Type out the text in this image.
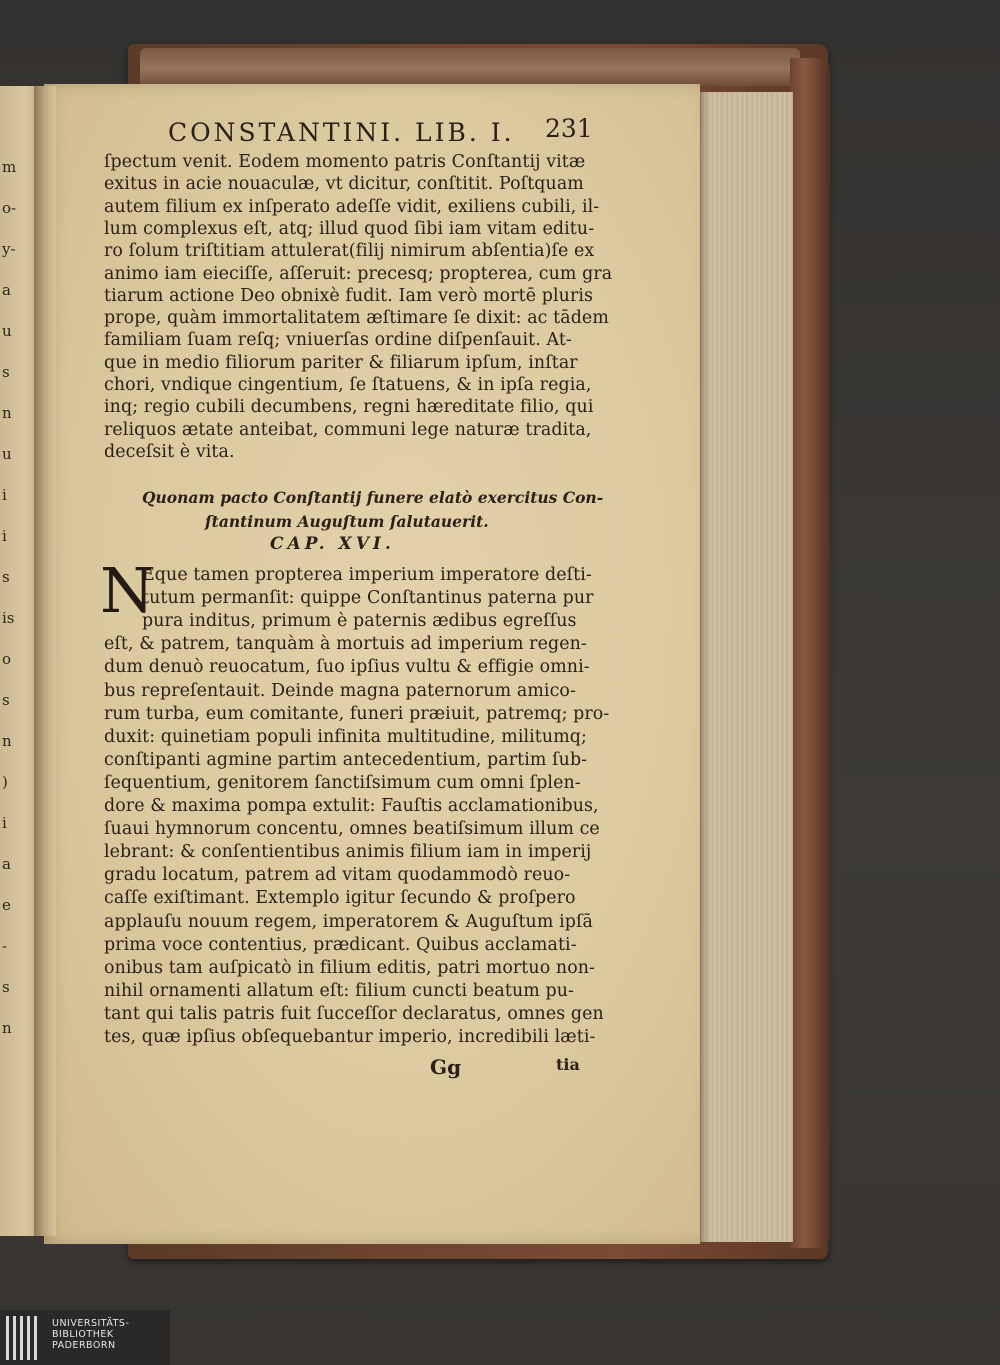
m
o-
y-
a
u
s
n
u
i
i
s
is
o
s
n
)
i
a
e
-
s
n
CONSTANTINI. LIB. I. 231
ſpectum venit. Eodem momento patris Conſtantij vitæ
exitus in acie nouaculæ, vt dicitur, conſtitit. Poſtquam
autem filium ex inſperato adeſſe vidit, exiliens cubili, il-
lum complexus eſt, atq; illud quod ſibi iam vitam editu-
ro ſolum triſtitiam attulerat(filij nimirum abſentia)ſe ex
animo iam eieciſſe, aſſeruit: precesq; propterea, cum gra
tiarum actione Deo obnixè fudit. Iam verò mortē pluris
prope, quàm immortalitatem æſtimare ſe dixit: ac tādem
familiam ſuam reſq; vniuerſas ordine diſpenſauit. At-
que in medio filiorum pariter & filiarum ipſum, inſtar
chori, vndique cingentium, ſe ſtatuens, & in ipſa regia,
inq; regio cubili decumbens, regni hæreditate filio, qui
reliquos ætate anteibat, communi lege naturæ tradita,
deceſsit è vita.
Quonam pacto Conſtantij funere elatò exercitus Con-
ſtantinum Auguſtum ſalutauerit.
CAP. XVI.
N
Eque tamen propterea imperium imperatore deſti-
tutum permanſit: quippe Conſtantinus paterna pur
pura inditus, primum è paternis ædibus egreſſus
eſt, & patrem, tanquàm à mortuis ad imperium regen-
dum denuò reuocatum, ſuo ipſius vultu & effigie omni-
bus repreſentauit. Deinde magna paternorum amico-
rum turba, eum comitante, funeri præiuit, patremq; pro-
duxit: quinetiam populi infinita multitudine, militumq;
conſtipanti agmine partim antecedentium, partim ſub-
ſequentium, genitorem ſanctiſsimum cum omni ſplen-
dore & maxima pompa extulit: Fauſtis acclamationibus,
ſuaui hymnorum concentu, omnes beatiſsimum illum ce
lebrant: & conſentientibus animis filium iam in imperij
gradu locatum, patrem ad vitam quodammodò reuo-
caſſe exiſtimant. Extemplo igitur ſecundo & proſpero
applauſu nouum regem, imperatorem & Auguſtum ipſā
prima voce contentius, prædicant. Quibus acclamati-
onibus tam auſpicatò in filium editis, patri mortuo non-
nihil ornamenti allatum eſt: filium cuncti beatum pu-
tant qui talis patris fuit ſucceſſor declaratus, omnes gen
tes, quæ ipſius obſequebantur imperio, incredibili læti-
Gg	tia
UNIVERSITÄTS-
BIBLIOTHEK
PADERBORN
